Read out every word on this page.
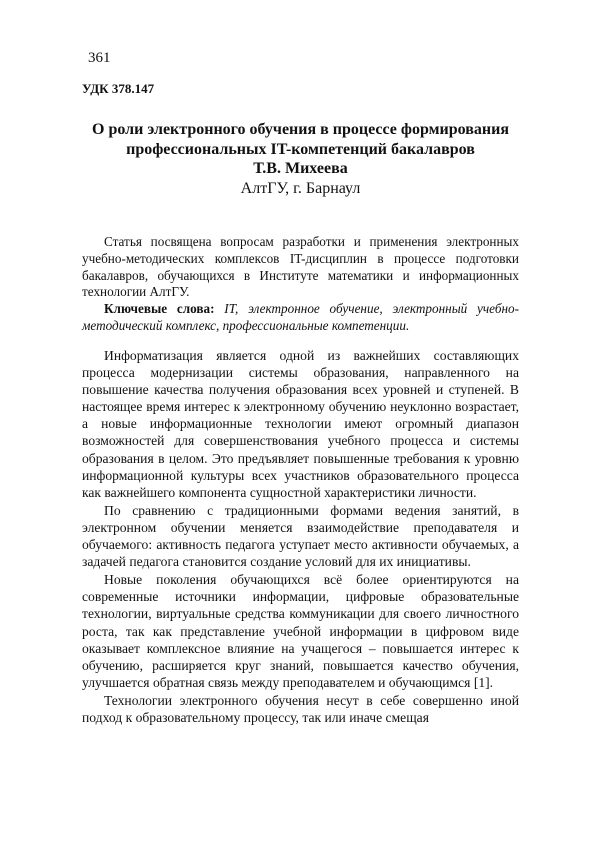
361
УДК 378.147

О роли электронного обучения в процессе формирования профессиональных IT-компетенций бакалавров

Т.В. Михеева

АлтГУ, г. Барнаул

Статья посвящена вопросам разработки и применения электронных учебно-методических комплексов IT-дисциплин в процессе подготовки бакалавров, обучающихся в Институте математики и информационных технологии АлтГУ.

Ключевые слова: IT, электронное обучение, электронный учебно-методический комплекс, профессиональные компетенции.

Информатизация является одной из важнейших составляющих процесса модернизации системы образования, направленного на повышение качества получения образования всех уровней и ступеней. В настоящее время интерес к электронному обучению неуклонно возрастает, а новые информационные технологии имеют огромный диапазон возможностей для совершенствования учебного процесса и системы образования в целом. Это предъявляет повышенные требования к уровню информационной культуры всех участников образовательного процесса как важнейшего компонента сущностной характеристики личности.

По сравнению с традиционными формами ведения занятий, в электронном обучении меняется взаимодействие преподавателя и обучаемого: активность педагога уступает место активности обучаемых, а задачей педагога становится создание условий для их инициативы.

Новые поколения обучающихся всё более ориентируются на современные источники информации, цифровые образовательные технологии, виртуальные средства коммуникации для своего личностного роста, так как представление учебной информации в цифровом виде оказывает комплексное влияние на учащегося – повышается интерес к обучению, расширяется круг знаний, повышается качество обучения, улучшается обратная связь между преподавателем и обучающимся [1].

Технологии электронного обучения несут в себе совершенно иной подход к образовательному процессу, так или иначе смещая
